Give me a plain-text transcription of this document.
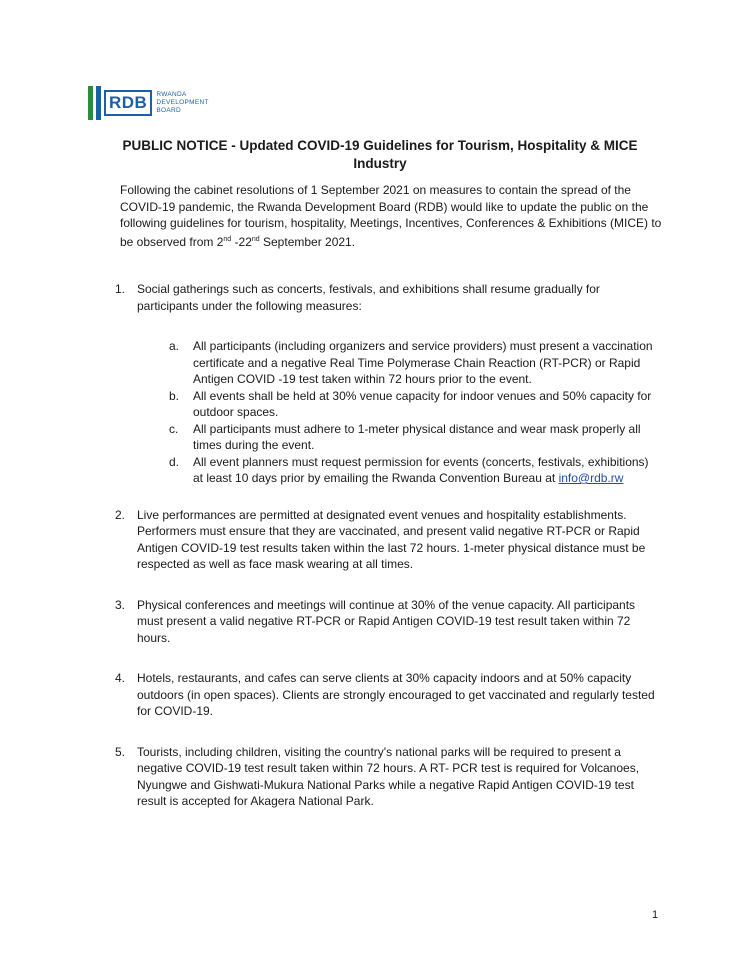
RDB	RWANDA
DEVELOPMENT BOARD
PUBLIC NOTICE - Updated COVID-19 Guidelines for Tourism, Hospitality & MICE Industry
Following the cabinet resolutions of 1 September 2021 on measures to contain the spread of the COVID-19 pandemic, the Rwanda Development Board (RDB) would like to update the public on the following guidelines for tourism, hospitality, Meetings, Incentives, Conferences & Exhibitions (MICE) to be observed from 2nd -22nd September 2021.
1. Social gatherings such as concerts, festivals, and exhibitions shall resume gradually for participants under the following measures:
a. All participants (including organizers and service providers) must present a vaccination certificate and a negative Real Time Polymerase Chain Reaction (RT-PCR) or Rapid Antigen COVID -19 test taken within 72 hours prior to the event.
b. All events shall be held at 30% venue capacity for indoor venues and 50% capacity for outdoor spaces.
c. All participants must adhere to 1-meter physical distance and wear mask properly all times during the event.
d. All event planners must request permission for events (concerts, festivals, exhibitions) at least 10 days prior by emailing the Rwanda Convention Bureau at info@rdb.rw
2. Live performances are permitted at designated event venues and hospitality establishments. Performers must ensure that they are vaccinated, and present valid negative RT-PCR or Rapid Antigen COVID-19 test results taken within the last 72 hours. 1-meter physical distance must be respected as well as face mask wearing at all times.
3. Physical conferences and meetings will continue at 30% of the venue capacity. All participants must present a valid negative RT-PCR or Rapid Antigen COVID-19 test result taken within 72 hours.
4. Hotels, restaurants, and cafes can serve clients at 30% capacity indoors and at 50% capacity outdoors (in open spaces). Clients are strongly encouraged to get vaccinated and regularly tested for COVID-19.
5. Tourists, including children, visiting the country's national parks will be required to present a negative COVID-19 test result taken within 72 hours. A RT- PCR test is required for Volcanoes, Nyungwe and Gishwati-Mukura National Parks while a negative Rapid Antigen COVID-19 test result is accepted for Akagera National Park.
1
